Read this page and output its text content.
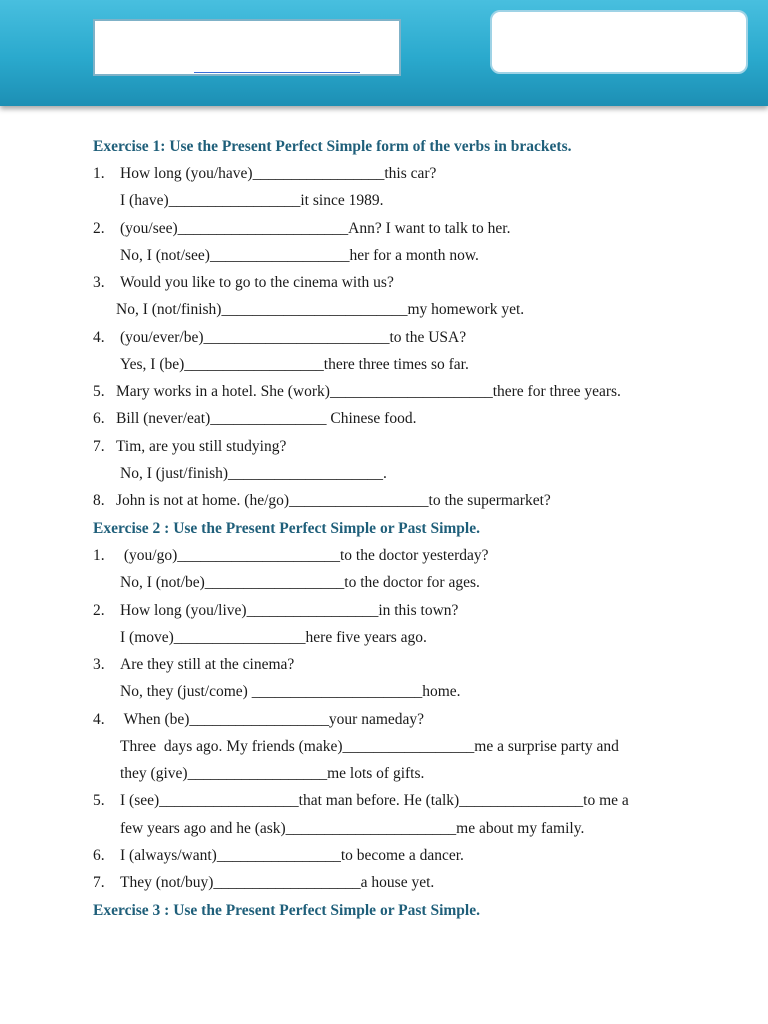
Exercise 1: Use the Present Perfect Simple form of the verbs in brackets.
1. How long (you/have)_________________this car?
I (have)_________________it since 1989.
2. (you/see)______________________Ann? I want to talk to her.
No, I (not/see)__________________her for a month now.
3. Would you like to go to the cinema with us?
No, I (not/finish)________________________my homework yet.
4. (you/ever/be)________________________to the USA?
Yes, I (be)__________________there three times so far.
5. Mary works in a hotel. She (work)_____________________there for three years.
6. Bill (never/eat)_______________ Chinese food.
7. Tim, are you still studying?
No, I (just/finish)____________________.
8. John is not at home. (he/go)__________________to the supermarket?
Exercise 2 : Use the Present Perfect Simple or Past Simple.
1. (you/go)_____________________to the doctor yesterday?
No, I (not/be)__________________to the doctor for ages.
2. How long (you/live)_________________in this town?
I (move)_________________here five years ago.
3. Are they still at the cinema?
No, they (just/come) ______________________home.
4. When (be)__________________your nameday?
Three  days ago. My friends (make)_________________me a surprise party and
they (give)__________________me lots of gifts.
5. I (see)__________________that man before. He (talk)________________to me a
few years ago and he (ask)______________________me about my family.
6. I (always/want)________________to become a dancer.
7. They (not/buy)___________________a house yet.
Exercise 3 : Use the Present Perfect Simple or Past Simple.
